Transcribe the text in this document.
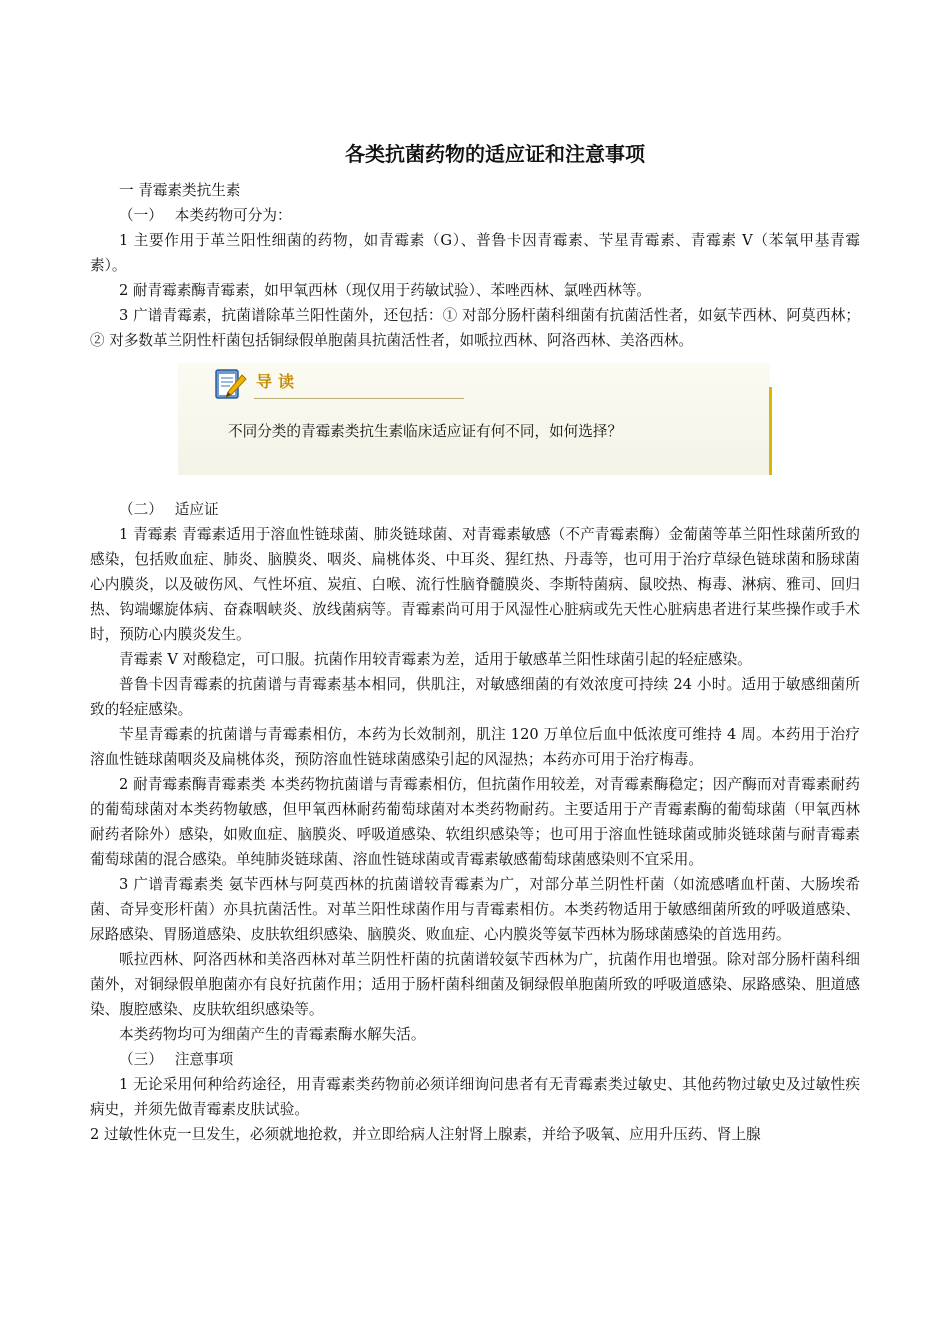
各类抗菌药物的适应证和注意事项

一 青霉素类抗生素

（一） 本类药物可分为：

1 主要作用于革兰阳性细菌的药物，如青霉素（G）、普鲁卡因青霉素、苄星青霉素、青霉素 V（苯氧甲基青霉素）。

2 耐青霉素酶青霉素，如甲氧西林（现仅用于药敏试验）、苯唑西林、氯唑西林等。

3 广谱青霉素，抗菌谱除革兰阳性菌外，还包括：① 对部分肠杆菌科细菌有抗菌活性者，如氨苄西林、阿莫西林；② 对多数革兰阴性杆菌包括铜绿假单胞菌具抗菌活性者，如哌拉西林、阿洛西林、美洛西林。

导读
不同分类的青霉素类抗生素临床适应证有何不同，如何选择？

（二） 适应证

1 青霉素 青霉素适用于溶血性链球菌、肺炎链球菌、对青霉素敏感（不产青霉素酶）金葡菌等革兰阳性球菌所致的感染，包括败血症、肺炎、脑膜炎、咽炎、扁桃体炎、中耳炎、猩红热、丹毒等，也可用于治疗草绿色链球菌和肠球菌心内膜炎，以及破伤风、气性坏疽、炭疽、白喉、流行性脑脊髓膜炎、李斯特菌病、鼠咬热、梅毒、淋病、雅司、回归热、钩端螺旋体病、奋森咽峡炎、放线菌病等。青霉素尚可用于风湿性心脏病或先天性心脏病患者进行某些操作或手术时，预防心内膜炎发生。

青霉素 V 对酸稳定，可口服。抗菌作用较青霉素为差，适用于敏感革兰阳性球菌引起的轻症感染。

普鲁卡因青霉素的抗菌谱与青霉素基本相同，供肌注，对敏感细菌的有效浓度可持续 24 小时。适用于敏感细菌所致的轻症感染。

苄星青霉素的抗菌谱与青霉素相仿，本药为长效制剂，肌注 120 万单位后血中低浓度可维持 4 周。本药用于治疗溶血性链球菌咽炎及扁桃体炎，预防溶血性链球菌感染引起的风湿热；本药亦可用于治疗梅毒。

2 耐青霉素酶青霉素类 本类药物抗菌谱与青霉素相仿，但抗菌作用较差，对青霉素酶稳定；因产酶而对青霉素耐药的葡萄球菌对本类药物敏感，但甲氧西林耐药葡萄球菌对本类药物耐药。主要适用于产青霉素酶的葡萄球菌（甲氧西林耐药者除外）感染，如败血症、脑膜炎、呼吸道感染、软组织感染等；也可用于溶血性链球菌或肺炎链球菌与耐青霉素葡萄球菌的混合感染。单纯肺炎链球菌、溶血性链球菌或青霉素敏感葡萄球菌感染则不宜采用。

3 广谱青霉素类 氨苄西林与阿莫西林的抗菌谱较青霉素为广，对部分革兰阴性杆菌（如流感嗜血杆菌、大肠埃希菌、奇异变形杆菌）亦具抗菌活性。对革兰阳性球菌作用与青霉素相仿。本类药物适用于敏感细菌所致的呼吸道感染、尿路感染、胃肠道感染、皮肤软组织感染、脑膜炎、败血症、心内膜炎等氨苄西林为肠球菌感染的首选用药。

哌拉西林、阿洛西林和美洛西林对革兰阴性杆菌的抗菌谱较氨苄西林为广，抗菌作用也增强。除对部分肠杆菌科细菌外，对铜绿假单胞菌亦有良好抗菌作用；适用于肠杆菌科细菌及铜绿假单胞菌所致的呼吸道感染、尿路感染、胆道感染、腹腔感染、皮肤软组织感染等。

本类药物均可为细菌产生的青霉素酶水解失活。

（三） 注意事项

1 无论采用何种给药途径，用青霉素类药物前必须详细询问患者有无青霉素类过敏史、其他药物过敏史及过敏性疾病史，并须先做青霉素皮肤试验。

2 过敏性休克一旦发生，必须就地抢救，并立即给病人注射肾上腺素，并给予吸氧、应用升压药、肾上腺
